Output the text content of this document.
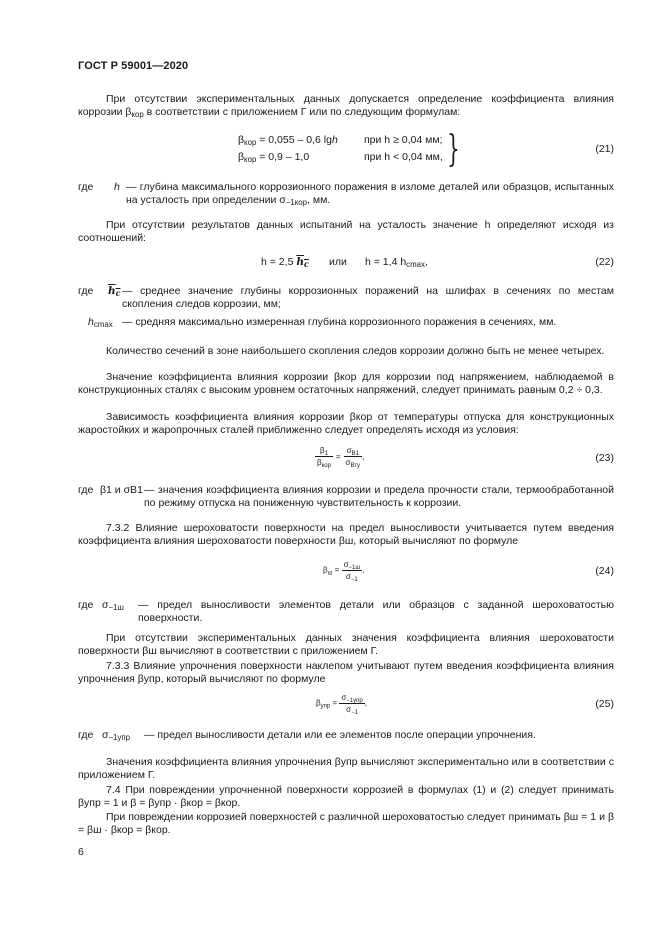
ГОСТ Р 59001—2020
При отсутствии экспериментальных данных допускается определение коэффициента влияния коррозии $\beta_{кор}$ в соответствии с приложением Г или по следующим формулам:
$\beta_{кор} = 0,055 - 0,6$ lgh при h ≥ 0,04 мм;
$\beta_{кор} = 0,9 - 1,0$	при h < 0,04 мм, }	(21)
где h — глубина максимального коррозионного поражения в изломе деталей или образцов, испытанных на усталость при определении $\sigma_{-1кор}$, мм.
При отсутствии результатов данных испытаний на усталость значение h определяют исходя из соотношений:
h = 2,5 $\overline{h}_{\overline{c}}$ или h = 1,4 $h_{cmax}$,	(22)
где $\overline{h}_{\overline{c}}$ — среднее значение глубины коррозионных поражений на шлифах в сечениях по местам скопления следов коррозии, мм;
$h_{cmax}$ — средняя максимально измеренная глубина коррозионного поражения в сечениях, мм.
Количество сечений в зоне наибольшего скопления следов коррозии должно быть не менее четырех.
Значение коэффициента влияния коррозии βкор для коррозии под напряжением, наблюдаемой в конструкционных сталях с высоким уровнем остаточных напряжений, следует принимать равным 0,2 ÷ 0,3.
Зависимость коэффициента влияния коррозии βкор от температуры отпуска для конструкционных жаростойких и жаропрочных сталей приближенно следует определять исходя из условия:
$\frac{\beta_1}{\beta_{кор}} = \frac{\sigma_{В1}}{\sigma_{Вту}}$ ,	(23)
где β1 и σВ1 — значения коэффициента влияния коррозии и предела прочности стали, термообработанной по режиму отпуска на пониженную чувствительность к коррозии.
7.3.2 Влияние шероховатости поверхности на предел выносливости учитывается путем введения коэффициента влияния шероховатости поверхности βш, который вычисляют по формуле
$\beta_ш = \frac{\sigma_{-1ш}}{\sigma_{-1}}$ ,	(24)
где $\sigma_{-1ш}$ — предел выносливости элементов детали или образцов с заданной шероховатостью поверхности.
При отсутствии экспериментальных данных значения коэффициента влияния шероховатости поверхности βш вычисляют в соответствии с приложением Г.
7.3.3 Влияние упрочнения поверхности наклепом учитывают путем введения коэффициента влияния упрочнения βупр, который вычисляют по формуле
$\beta_{упр} = \frac{\sigma_{-1упр}}{\sigma_{-1}}$ ,	(25)
где $\sigma_{-1упр}$ — предел выносливости детали или ее элементов после операции упрочнения.
Значения коэффициента влияния упрочнения βупр вычисляют экспериментально или в соответствии с приложением Г.
7.4 При повреждении упрочненной поверхности коррозией в формулах (1) и (2) следует принимать βупр = 1 и β = βупр · βкор = βкор.
При повреждении коррозией поверхностей с различной шероховатостью следует принимать βш = 1 и β = βш · βкор = βкор.
6
